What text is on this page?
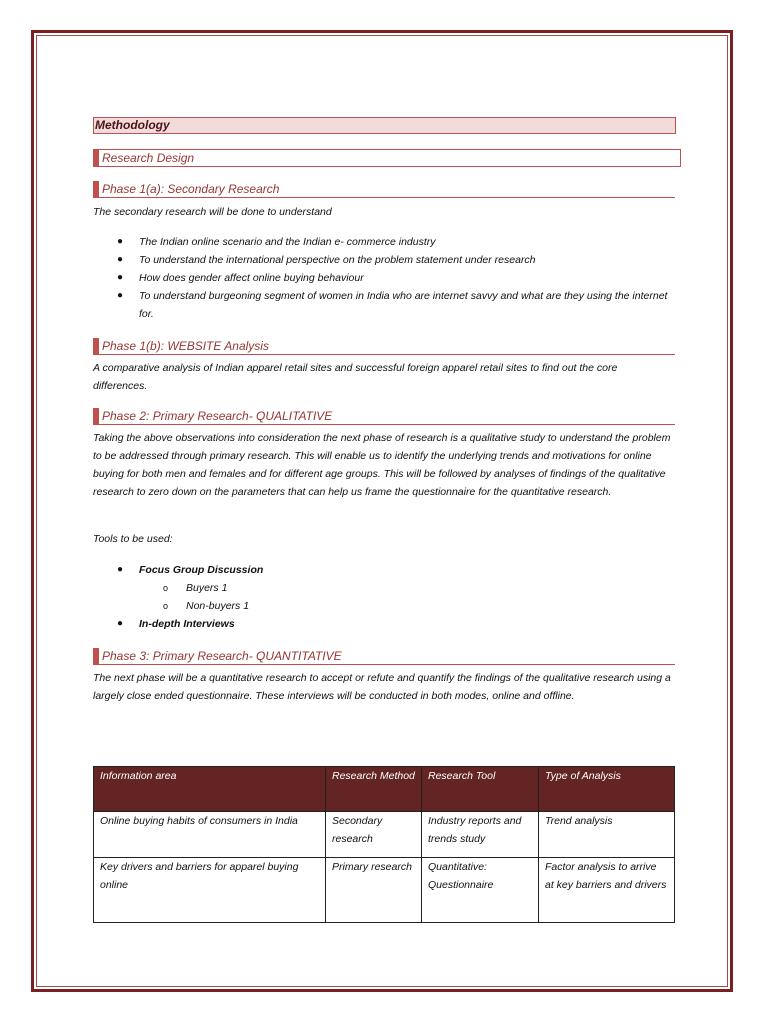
Methodology
Research Design
Phase 1(a): Secondary Research
The secondary research will be done to understand
● The Indian online scenario and the Indian e- commerce industry
● To understand the international perspective on the problem statement under research
● How does gender affect online buying behaviour
● To understand burgeoning segment of women in India who are internet savvy and what are they using the internet for.
Phase 1(b): WEBSITE Analysis
A comparative analysis of Indian apparel retail sites and successful foreign apparel retail sites to find out the core differences.
Phase 2: Primary Research- QUALITATIVE
Taking the above observations into consideration the next phase of research is a qualitative study to understand the problem to be addressed through primary research. This will enable us to identify the underlying trends and motivations for online buying for both men and females and for different age groups. This will be followed by analyses of findings of the qualitative research to zero down on the parameters that can help us frame the questionnaire for the quantitative research.
Tools to be used:
● Focus Group Discussion
o Buyers 1
o Non-buyers 1
● In-depth Interviews
Phase 3: Primary Research- QUANTITATIVE
The next phase will be a quantitative research to accept or refute and quantify the findings of the qualitative research using a largely close ended questionnaire. These interviews will be conducted in both modes, online and offline.
Information area	Research Method	Research Tool	Type of Analysis
Online buying habits of consumers in India	Secondary research	Industry reports and trends study	Trend analysis
Key drivers and barriers for apparel buying online	Primary research	Quantitative: Questionnaire	Factor analysis to arrive at key barriers and drivers
